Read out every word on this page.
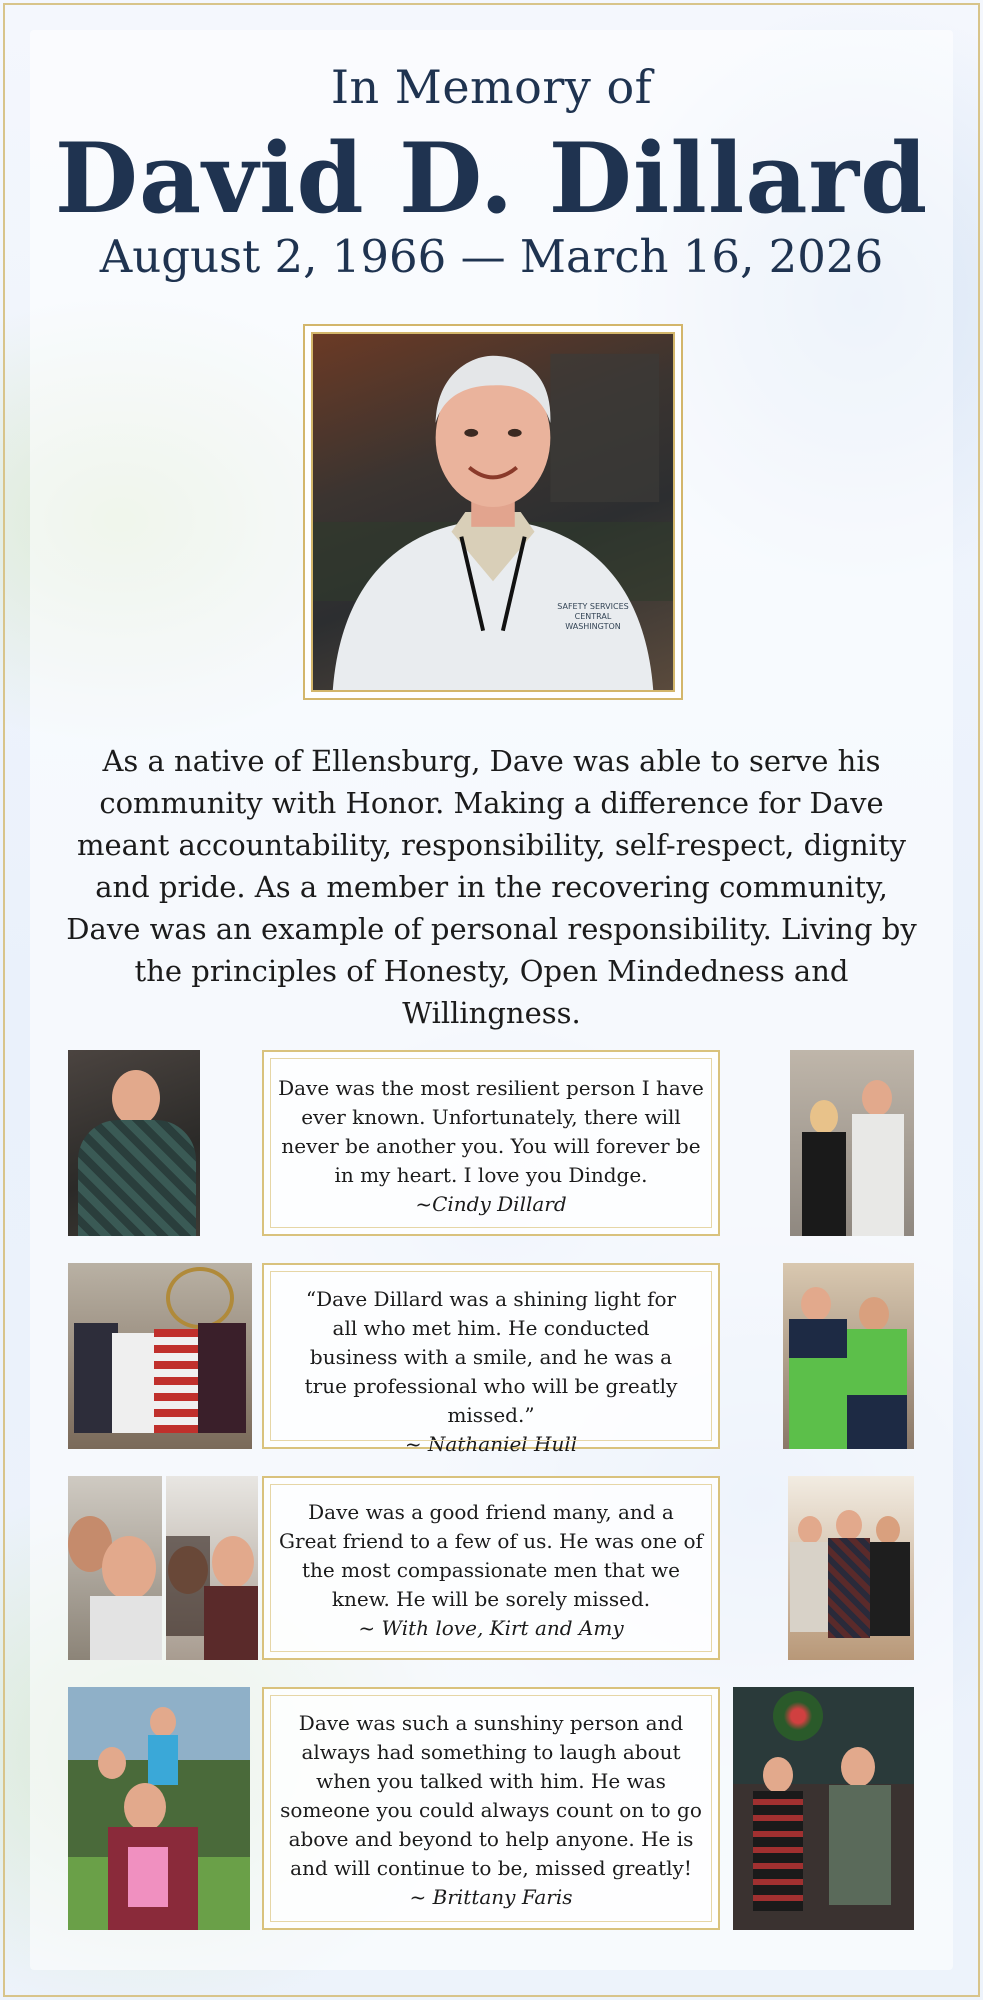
In Memory of
David D. Dillard
August 2, 1966 — March 16, 2026
SAFETY SERVICES CENTRAL WASHINGTON
As a native of Ellensburg, Dave was able to serve his community with Honor. Making a difference for Dave meant accountability, responsibility, self-respect, dignity and pride. As a member in the recovering community, Dave was an example of personal responsibility. Living by the principles of Honesty, Open Mindedness and Willingness.
Dave was the most resilient person I have ever known. Unfortunately, there will never be another you. You will forever be in my heart. I love you Dindge.
~Cindy Dillard
“Dave Dillard was a shining light for all who met him. He conducted business with a smile, and he was a true professional who will be greatly missed.”
~ Nathaniel Hull
Dave was a good friend many, and a Great friend to a few of us. He was one of the most compassionate men that we knew. He will be sorely missed.
~ With love, Kirt and Amy
Dave was such a sunshiny person and always had something to laugh about when you talked with him. He was someone you could always count on to go above and beyond to help anyone. He is and will continue to be, missed greatly!
~ Brittany Faris
